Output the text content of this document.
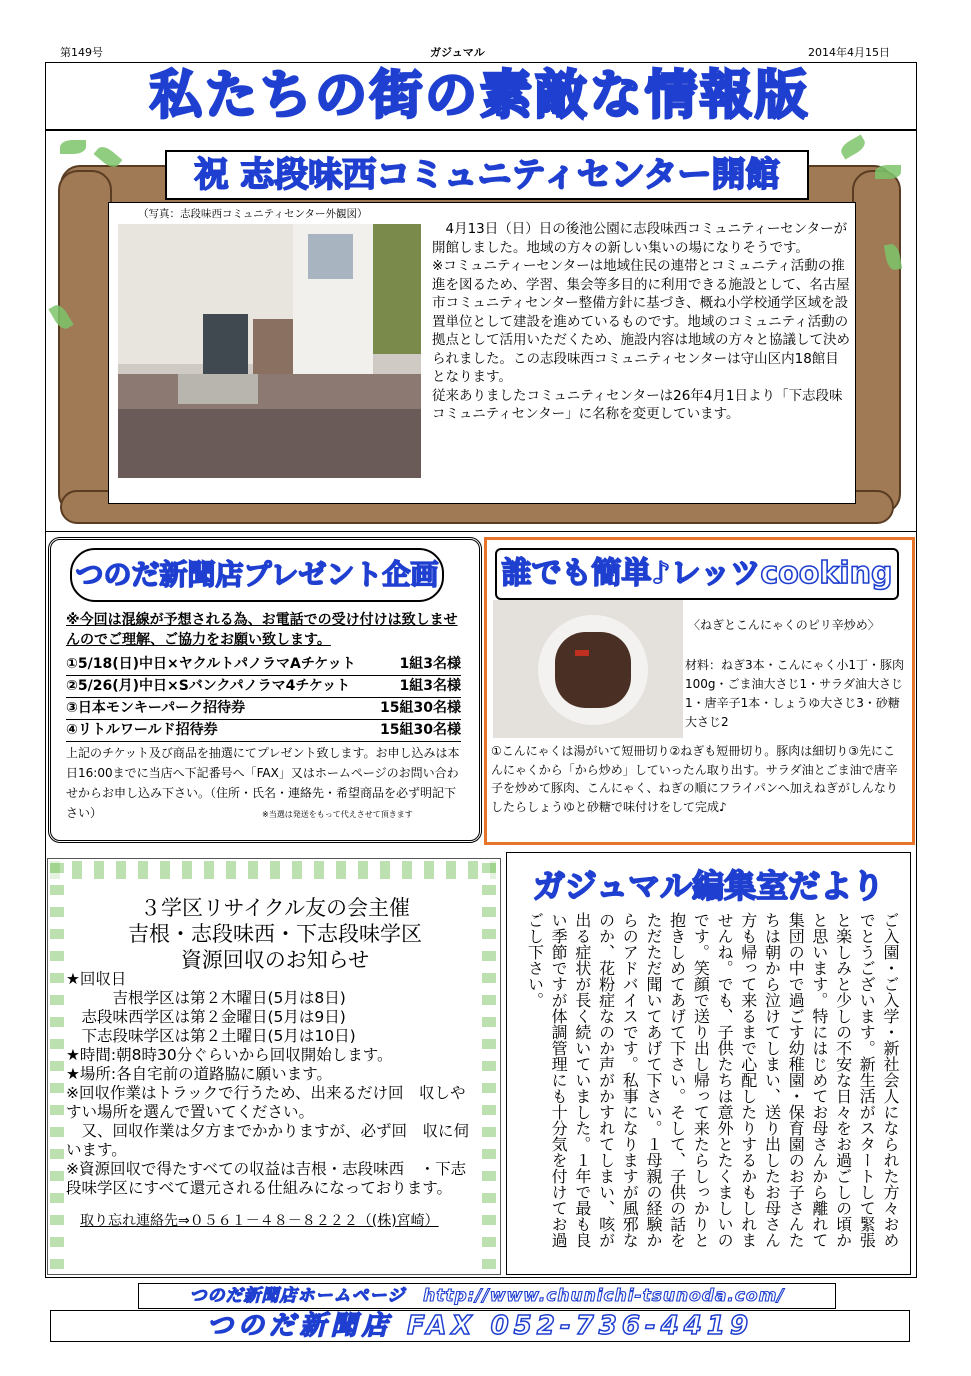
第149号	ガジュマル	2014年4月15日
私たちの街の素敵な情報版
祝 志段味西コミュニティセンター開館
（写真：志段味西コミュニティセンター外観図）
　4月13日（日）日の後池公園に志段味西コミュニティーセンターが開館しました。地域の方々の新しい集いの場になりそうです。
※コミュニティーセンターは地域住民の連帯とコミュニティ活動の推進を図るため、学習、集会等多目的に利用できる施設として、名古屋市コミュニティセンター整備方針に基づき、概ね小学校通学区域を設置単位として建設を進めているものです。地域のコミュニティ活動の拠点として活用いただくため、施設内容は地域の方々と協議して決められました。この志段味西コミュニティセンターは守山区内18館目となります。
従来ありましたコミュニティセンターは26年4月1日より「下志段味コミュニティセンター」に名称を変更しています。
つのだ新聞店プレゼント企画
※今回は混線が予想される為、お電話での受け付けは致しませんのでご理解、ご協力をお願い致します。
①5/18(日)中日×ヤクルトパノラマAチケット	1組3名様
②5/26(月)中日×Sバンクパノラマ4チケット	1組3名様
③日本モンキーパーク招待券	15組30名様
④リトルワールド招待券	15組30名様
上記のチケット及び商品を抽選にてプレゼント致します。お申し込みは本日16:00までに当店へ下記番号へ「FAX」又はホームページのお問い合わせからお申し込み下さい。（住所・氏名・連絡先・希望商品を必ず明記下さい）	※当選は発送をもって代えさせて頂きます
誰でも簡単♪レッツcooking
〈ねぎとこんにゃくのピリ辛炒め〉
材料：ねぎ3本・こんにゃく小1丁・豚肉100g・ごま油大さじ1・サラダ油大さじ1・唐辛子1本・しょうゆ大さじ3・砂糖大さじ2
①こんにゃくは湯がいて短冊切り②ねぎも短冊切り。豚肉は細切り③先にこんにゃくから「から炒め」していったん取り出す。サラダ油とごま油で唐辛子を炒めて豚肉、こんにゃく、ねぎの順にフライパンへ加えねぎがしんなりしたらしょうゆと砂糖で味付けをして完成♪
３学区リサイクル友の会主催
吉根・志段味西・下志段味学区
資源回収のお知らせ
★回収日
　　　吉根学区は第２木曜日(5月は8日)
　志段味西学区は第２金曜日(5月は9日)
　下志段味学区は第２土曜日(5月は10日)
★時間:朝8時30分ぐらいから回収開始します。
★場所:各自宅前の道路脇に願います。
※回収作業はトラックで行うため、出来るだけ回　収しやすい場所を選んで置いてください。
　又、回収作業は夕方までかかりますが、必ず回　収に伺います。
※資源回収で得たすべての収益は吉根・志段味西　・下志段味学区にすべて還元される仕組みになっております。
取り忘れ連絡先⇒０５６１－４８－８２２２（(株)宮崎）
ガジュマル編集室だより
ご入園・ご入学・新社会人になられた方々おめでとうございます。新生活がスタートして緊張と楽しみと少しの不安な日々をお過ごしの頃かと思います。特にはじめてお母さんから離れて集団の中で過ごす幼稚園・保育園のお子さんたちは朝から泣けてしまい、送り出したお母さん方も帰って来るまで心配したりするかもしれませんね。でも、子供たちは意外とたくましいのです。笑顔で送り出し帰って来たらしっかりと抱きしめてあげて下さい。そして、子供の話をただただ聞いてあげて下さい。１母親の経験からのアドバイスです。私事になりますが風邪なのか、花粉症なのか声がかすれてしまい、咳が出る症状が長く続いていました。１年で最も良い季節ですが体調管理にも十分気を付けてお過ごし下さい。
つのだ新聞店ホームページ　http://www.chunichi-tsunoda.com/
つのだ新聞店 FAX 052-736-4419
